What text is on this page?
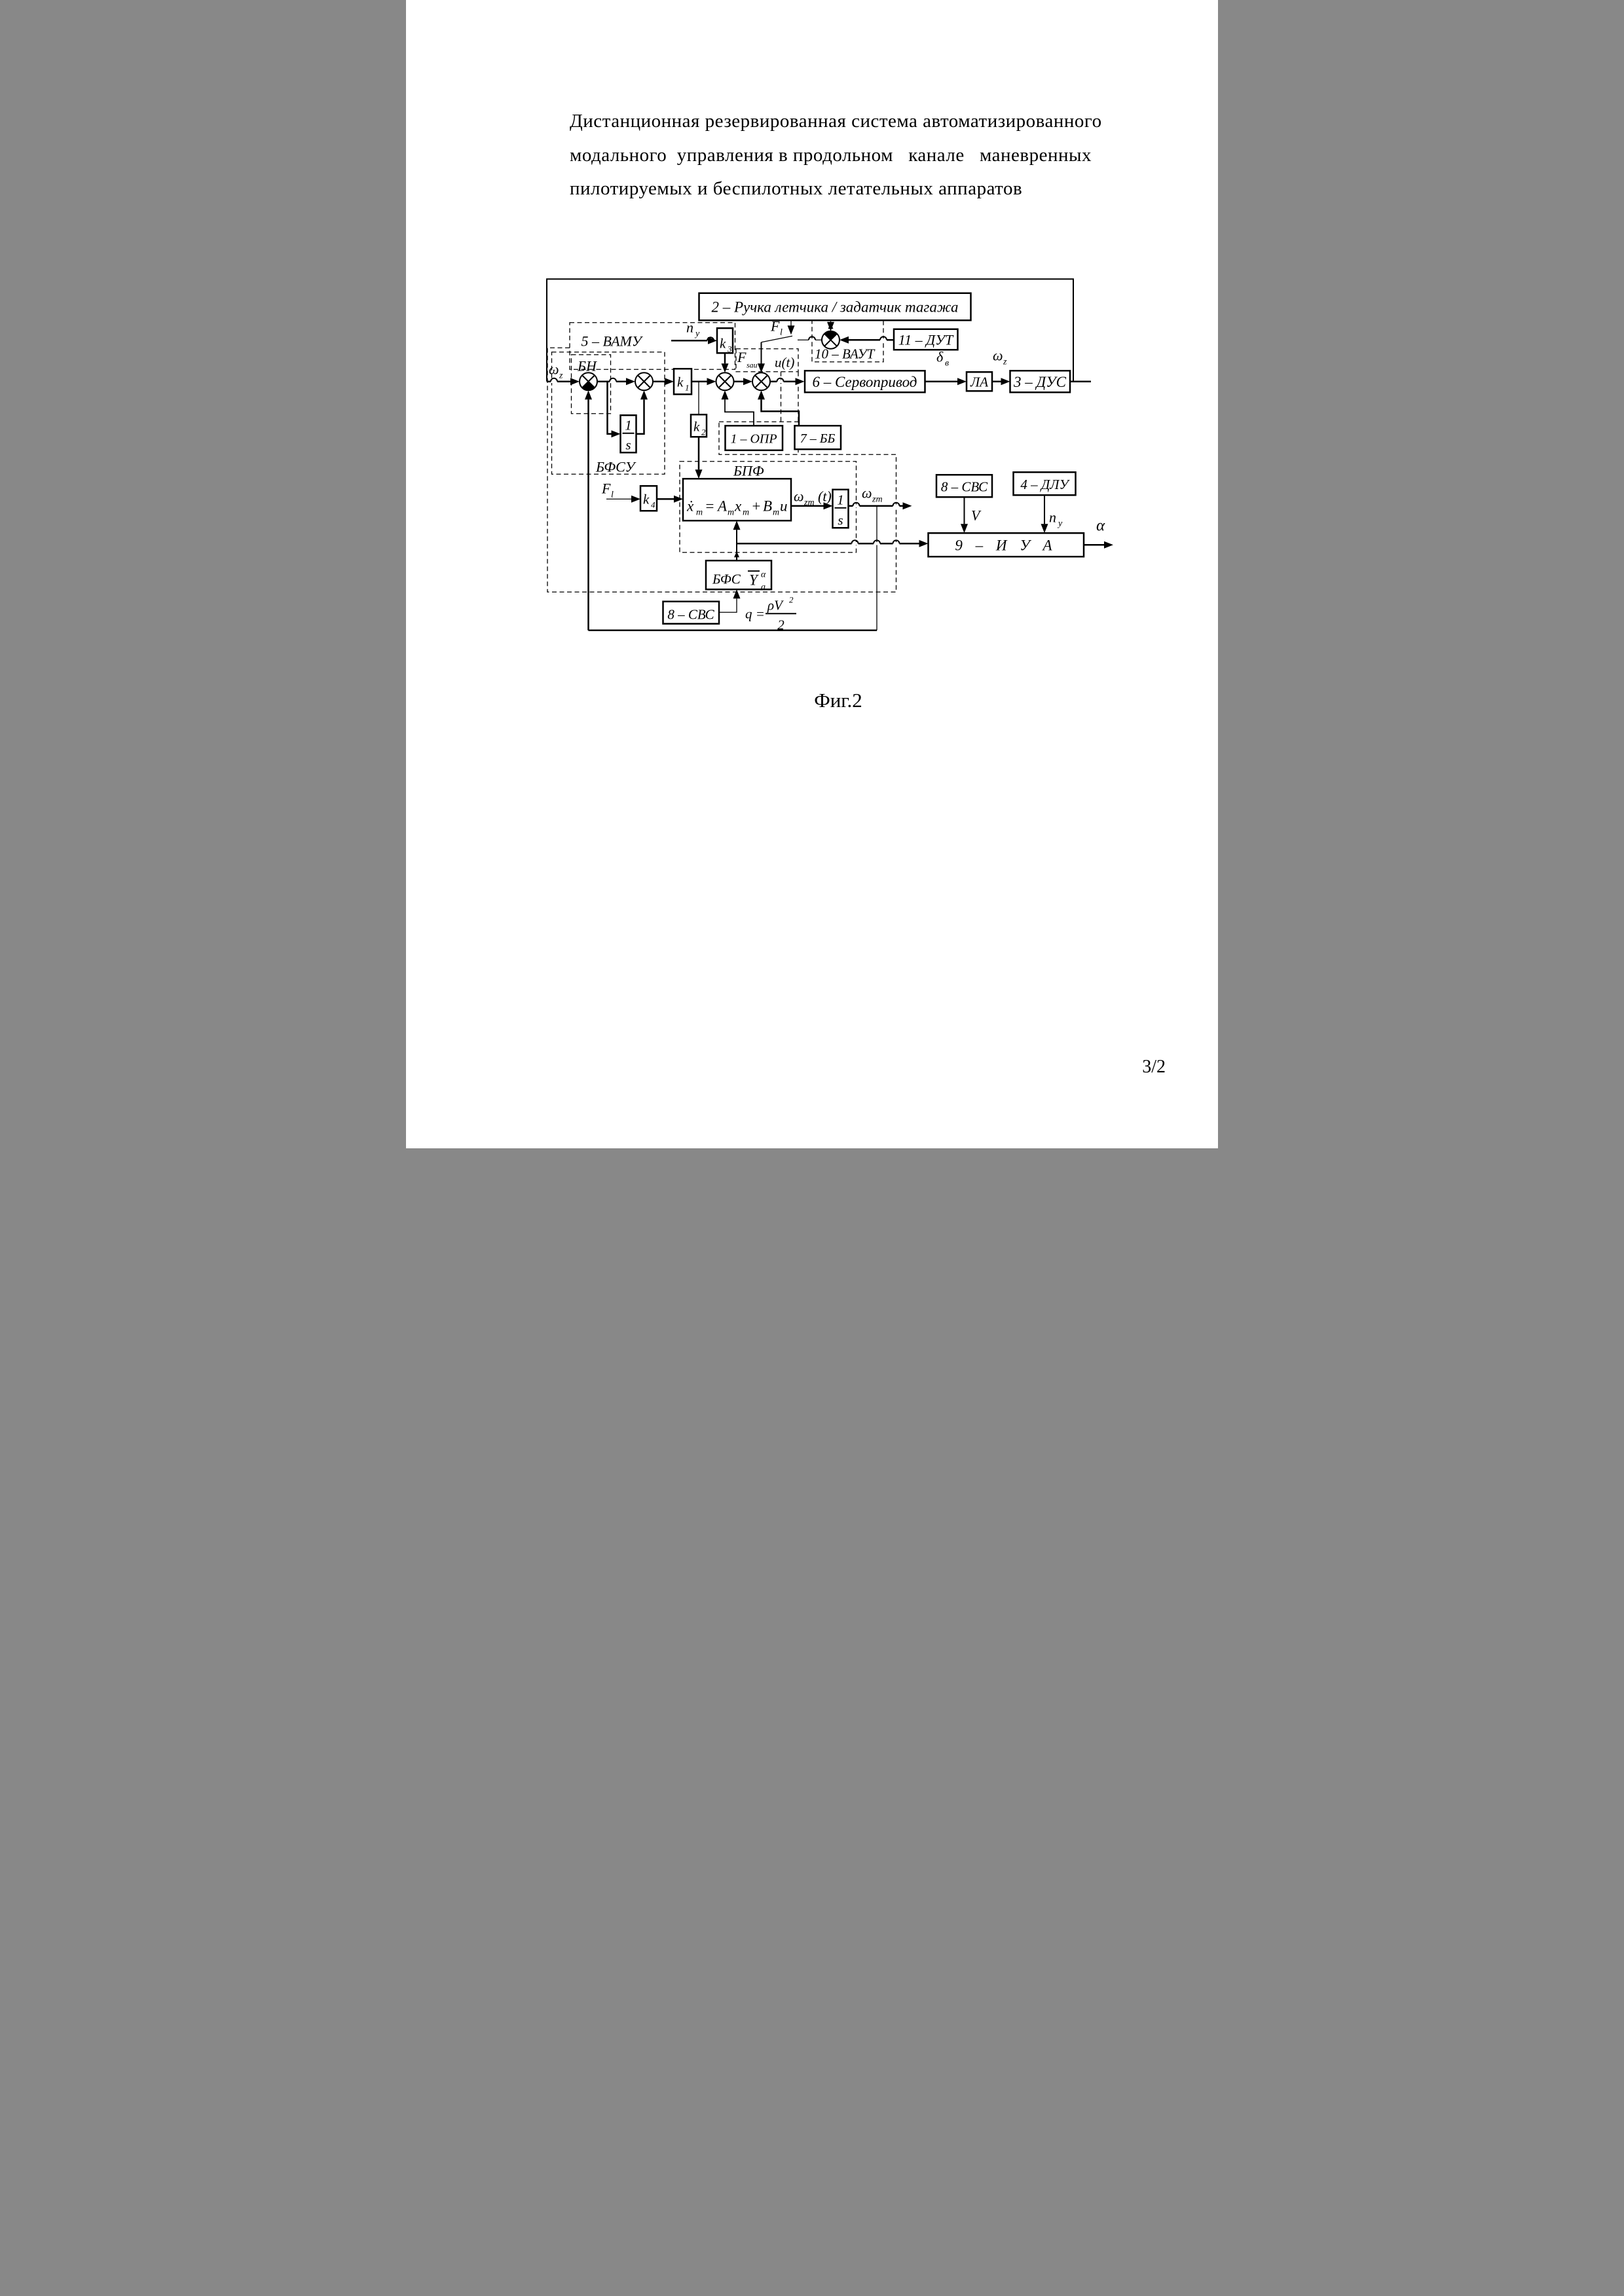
Дистанционная резервированная система автоматизированного
модального  управления в продольном   канале   маневренных
пилотируемых и беспилотных летательных аппаратов
2 – Ручка летчика / задатчик тагажа
k 3
11 – ДУТ
6 – Сервопривод ЛА 3 – ДУС
k 1
1
s
k 2 1 – ОПР 7 – ББ
ẋ m = A m x m + B m u
k 4	1
s
БФС Y α
a
8 – СВС
8 – СВС 4 – ДЛУ
9 – И У А
5 – ВАМУ
БН
БФСУ	БПФ
10 – ВАУТ
ω z
n y F l
F sau u(t)	δ в ω z
F l	ω zm (t) ω zm
V n y α
q =
ρV 2
2
Фиг.2
3/2
